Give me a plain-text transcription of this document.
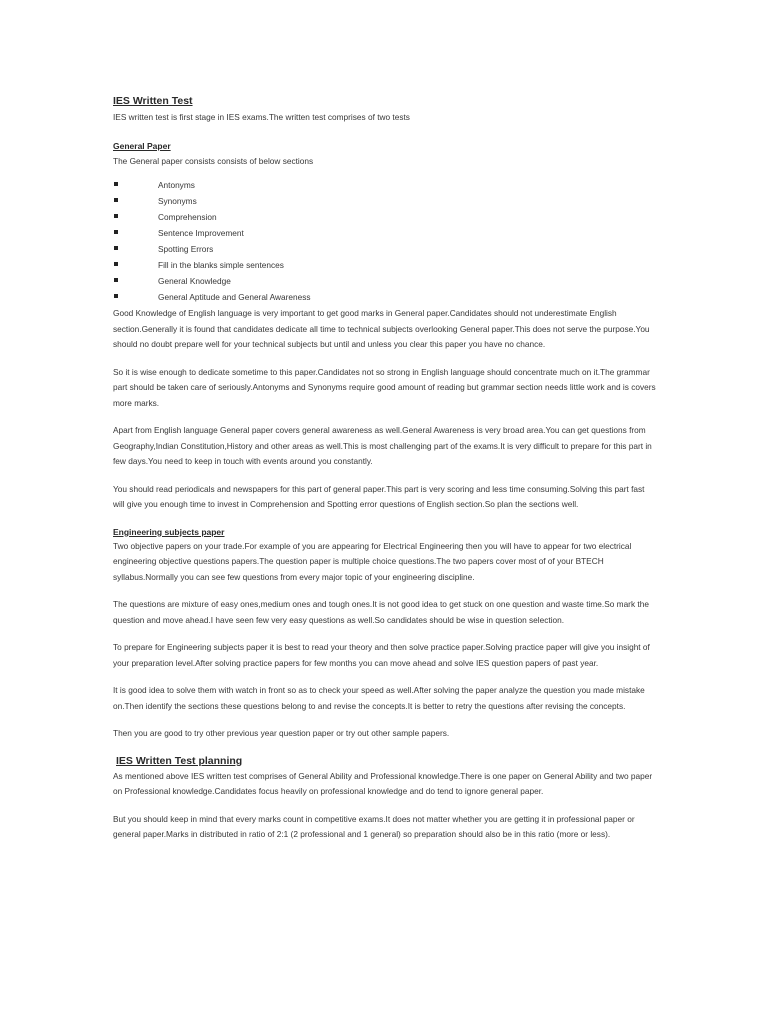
IES Written Test

IES written test is first stage in IES exams.The written test comprises of two tests

General Paper

The General paper consists consists of below sections

Antonyms
Synonyms
Comprehension
Sentence Improvement
Spotting Errors
Fill in the blanks simple sentences
General Knowledge
General Aptitude and General Awareness

Good Knowledge of English language is very important to get good marks in General paper.Candidates should not underestimate English section.Generally it is found that candidates dedicate all time to technical subjects overlooking General paper.This does not serve the purpose.You should no doubt prepare well for your technical subjects but until and unless you clear this paper you have no chance.

So it is wise enough to dedicate sometime to this paper.Candidates not so strong in English language should concentrate much on it.The grammar part should be taken care of seriously.Antonyms and Synonyms require good amount of reading but grammar section needs little work and is covers more marks.

Apart from English language General paper covers general awareness as well.General Awareness is very broad area.You can get questions from Geography,Indian Constitution,History and other areas as well.This is most challenging part of the exams.It is very difficult to prepare for this part in few days.You need to keep in touch with events around you constantly.

You should read periodicals and newspapers for this part of general paper.This part is very scoring and less time consuming.Solving this part fast will give you enough time to invest in Comprehension and Spotting error questions of English section.So plan the sections well.

Engineering subjects paper

Two objective papers on your trade.For example of you are appearing for Electrical Engineering then you will have to appear for two electrical engineering objective questions papers.The question paper is multiple choice questions.The two papers cover most of of your BTECH syllabus.Normally you can see few questions from every major topic of your engineering discipline.

The questions are mixture of easy ones,medium ones and tough ones.It is not good idea to get stuck on one question and waste time.So mark the question and move ahead.I have seen few very easy questions as well.So candidates should be wise in question selection.

To prepare for Engineering subjects paper it is best to read your theory and then solve practice paper.Solving practice paper will give you insight of your preparation level.After solving practice papers for few months you can move ahead and solve IES question papers of past year.

It is good idea to solve them with watch in front so as to check your speed as well.After solving the paper analyze the question you made mistake on.Then identify the sections these questions belong to and revise the concepts.It is better to retry the questions after revising the concepts.

Then you are good to try other previous year question paper or try out other sample papers.

IES Written Test planning

As mentioned above IES written test comprises of General Ability and Professional knowledge.There is one paper on General Ability and two paper on Professional knowledge.Candidates focus heavily on professional knowledge and do tend to ignore general paper.

But you should keep in mind that every marks count in competitive exams.It does not matter whether you are getting it in professional paper or general paper.Marks in distributed in ratio of 2:1 (2 professional and 1 general) so preparation should also be in this ratio (more or less).
